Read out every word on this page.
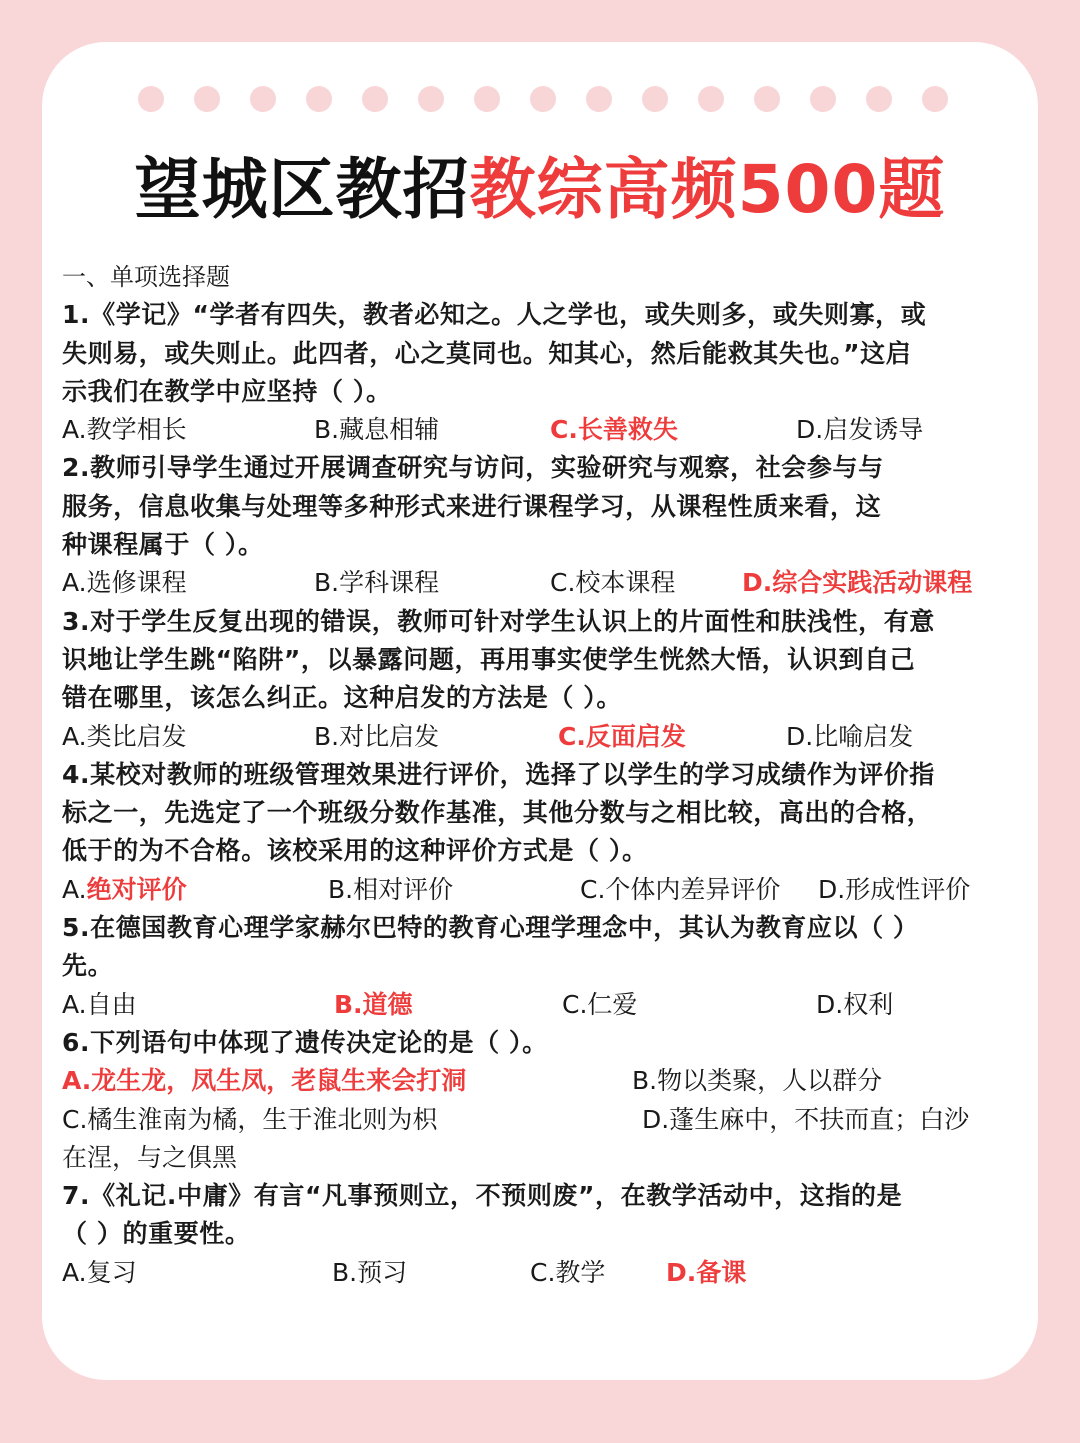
望城区教招教综高频500题
一、单项选择题
1.《学记》“学者有四失，教者必知之。人之学也，或失则多，或失则寡，或
失则易，或失则止。此四者，心之莫同也。知其心，然后能救其失也。”这启
示我们在教学中应坚持（ ）。
A.教学相长	B.藏息相辅	C.长善救失	D.启发诱导
2.教师引导学生通过开展调查研究与访问，实验研究与观察，社会参与与
服务，信息收集与处理等多种形式来进行课程学习，从课程性质来看，这
种课程属于（ ）。
A.选修课程	B.学科课程	C.校本课程	D.综合实践活动课程
3.对于学生反复出现的错误，教师可针对学生认识上的片面性和肤浅性，有意
识地让学生跳“陷阱”，以暴露问题，再用事实使学生恍然大悟，认识到自己
错在哪里，该怎么纠正。这种启发的方法是（ ）。
A.类比启发	B.对比启发	C.反面启发	D.比喻启发
4.某校对教师的班级管理效果进行评价，选择了以学生的学习成绩作为评价指
标之一，先选定了一个班级分数作基准，其他分数与之相比较，高出的合格，
低于的为不合格。该校采用的这种评价方式是（ ）。
A.绝对评价	B.相对评价	C.个体内差异评价 D.形成性评价
5.在德国教育心理学家赫尔巴特的教育心理学理念中，其认为教育应以（ ）
先。
A.自由	B.道德	C.仁爱	D.权利
6.下列语句中体现了遗传决定论的是（ ）。
A.龙生龙，凤生凤，老鼠生来会打洞	B.物以类聚，人以群分
C.橘生淮南为橘，生于淮北则为枳	D.蓬生麻中，不扶而直；白沙
在涅，与之俱黑
7.《礼记.中庸》有言“凡事预则立，不预则废”，在教学活动中，这指的是
（ ）的重要性。
A.复习	B.预习	C.教学 D.备课
